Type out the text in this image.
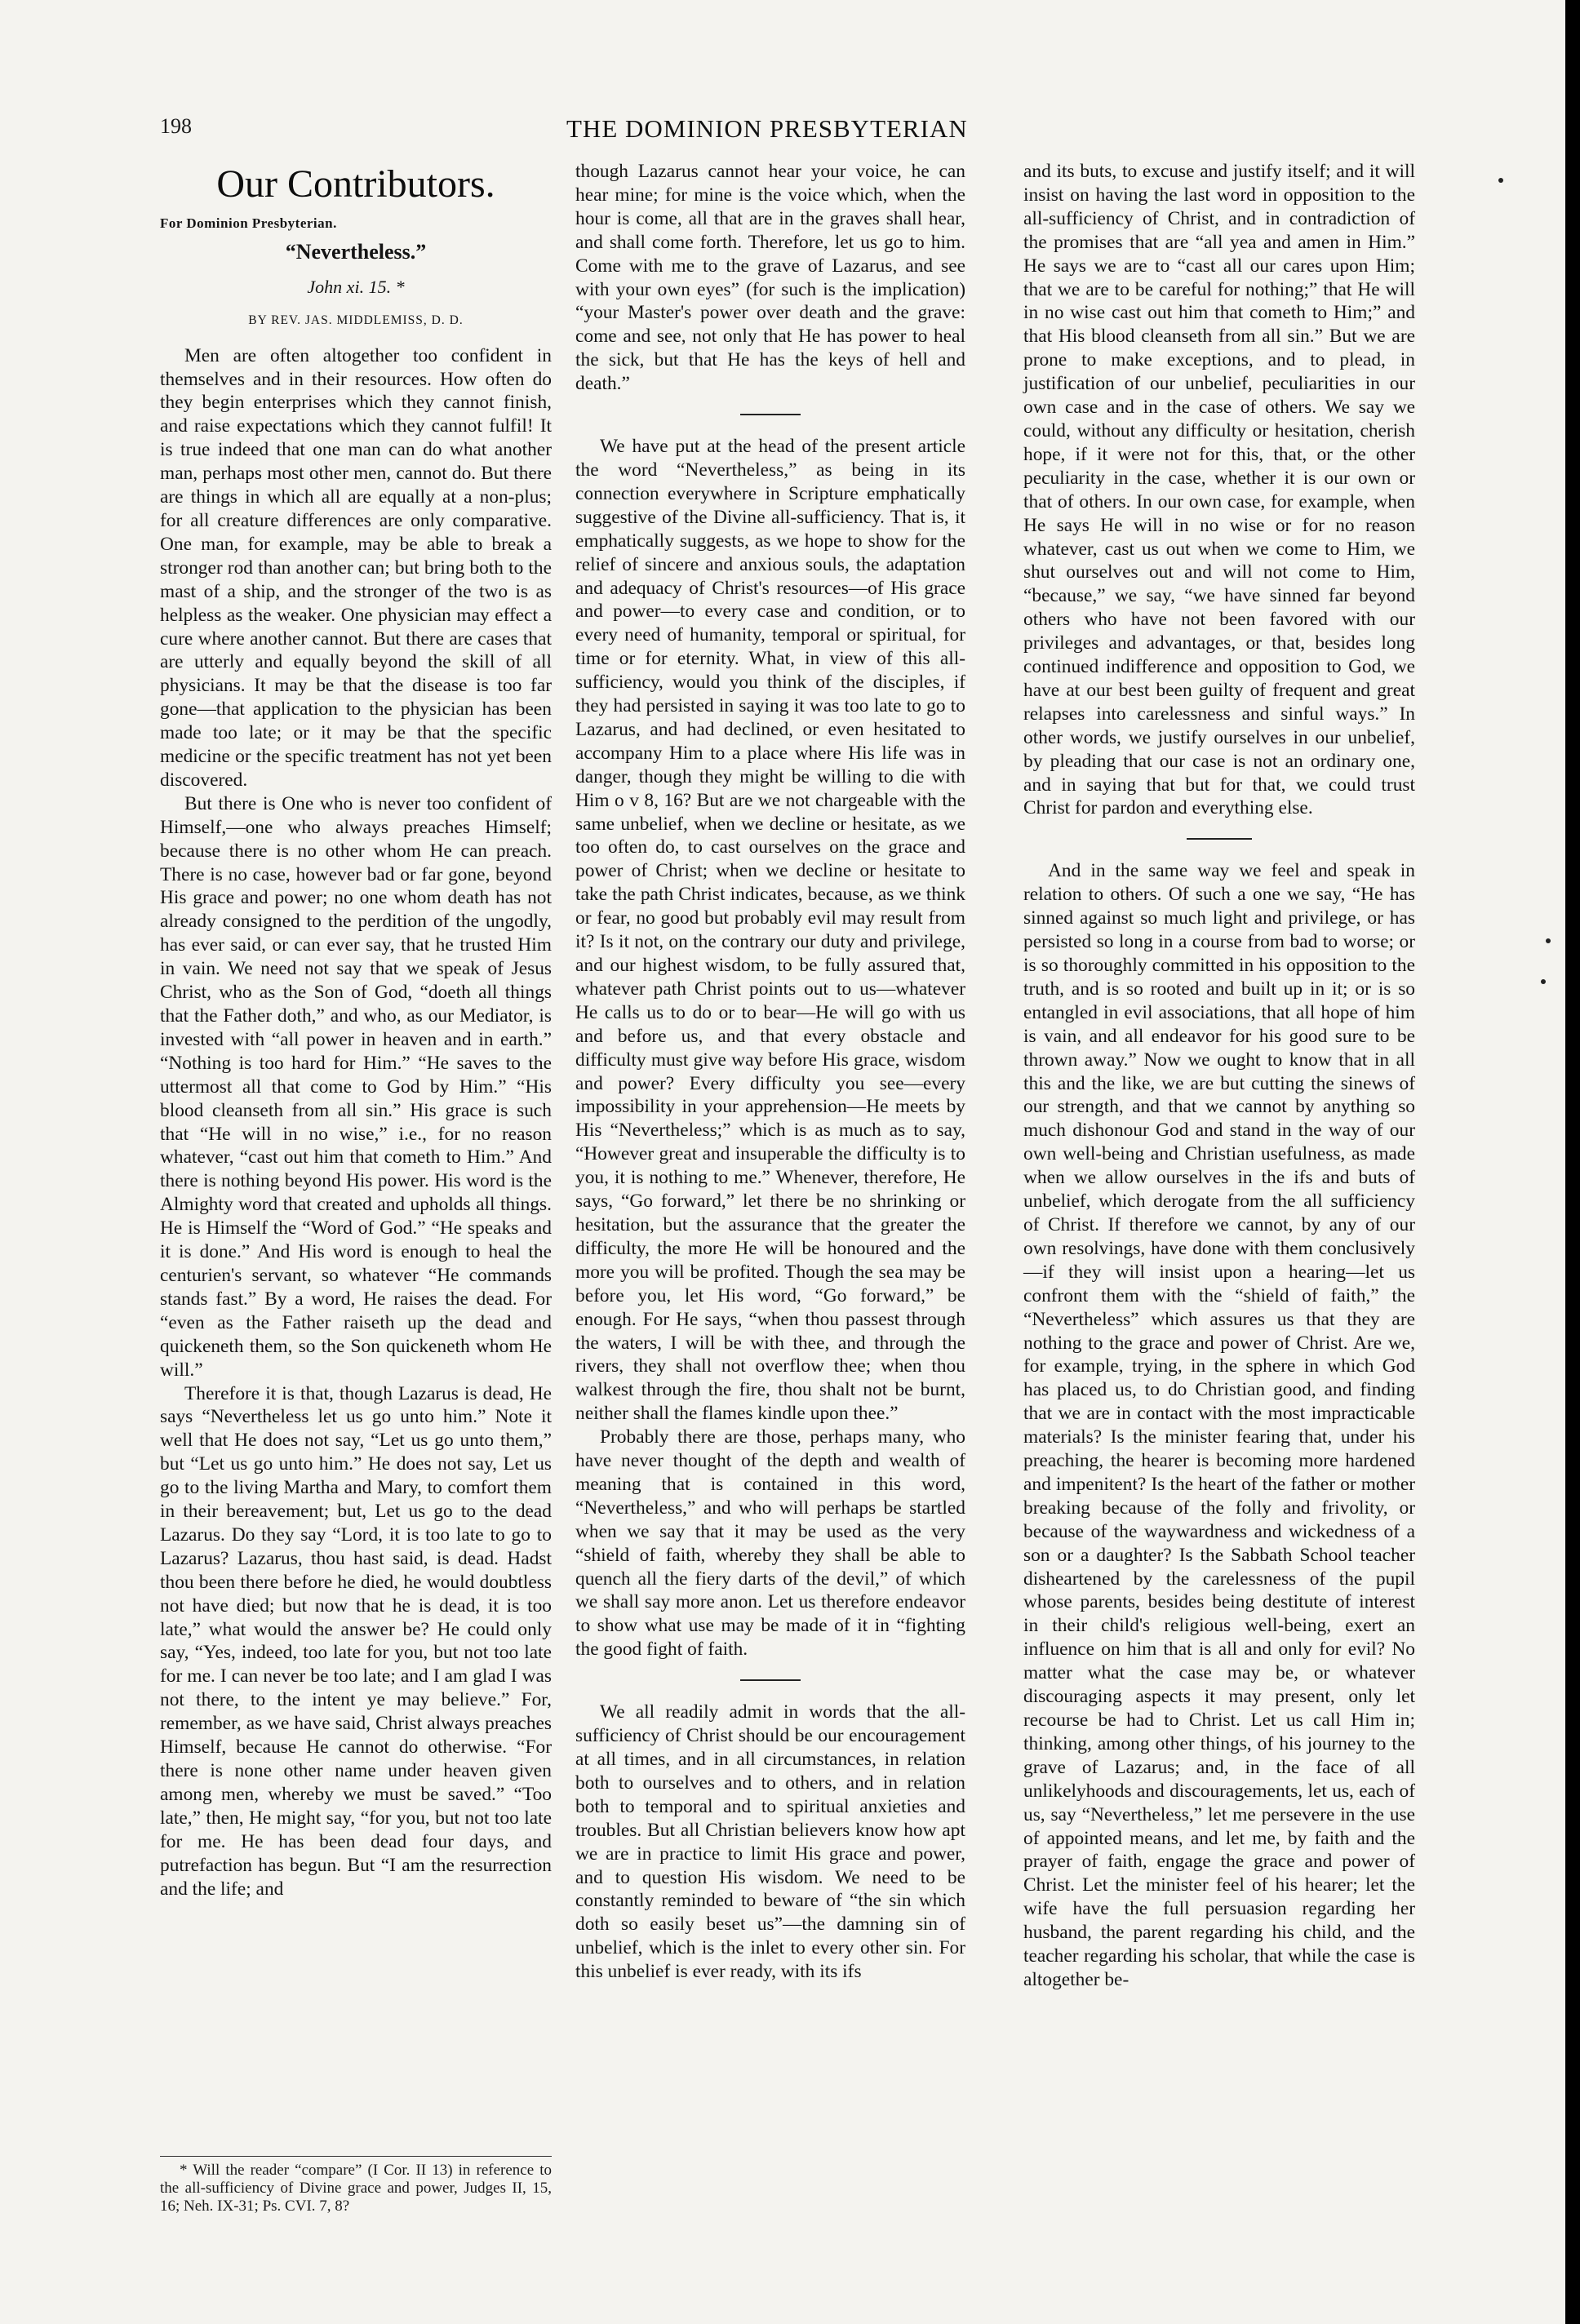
198	THE DOMINION PRESBYTERIAN
Our Contributors.
For Dominion Presbyterian.
“Nevertheless.”
John xi. 15. *
BY REV. JAS. MIDDLEMISS, D. D.

Men are often altogether too confident in themselves and in their resources. How often do they begin enterprises which they cannot finish, and raise expectations which they cannot fulfil! It is true indeed that one man can do what another man, perhaps most other men, cannot do. But there are things in which all are equally at a non-plus; for all creature differences are only comparative. One man, for example, may be able to break a stronger rod than another can; but bring both to the mast of a ship, and the stronger of the two is as helpless as the weaker. One physician may effect a cure where another cannot. But there are cases that are utterly and equally beyond the skill of all physicians. It may be that the disease is too far gone—that application to the physician has been made too late; or it may be that the specific medicine or the specific treatment has not yet been discovered.

But there is One who is never too confident of Himself,—one who always preaches Himself; because there is no other whom He can preach. There is no case, however bad or far gone, beyond His grace and power; no one whom death has not already consigned to the perdition of the ungodly, has ever said, or can ever say, that he trusted Him in vain. We need not say that we speak of Jesus Christ, who as the Son of God, “doeth all things that the Father doth,” and who, as our Mediator, is invested with “all power in heaven and in earth.” “Nothing is too hard for Him.” “He saves to the uttermost all that come to God by Him.” “His blood cleanseth from all sin.” His grace is such that “He will in no wise,” i.e., for no reason whatever, “cast out him that cometh to Him.” And there is nothing beyond His power. His word is the Almighty word that created and upholds all things. He is Himself the “Word of God.” “He speaks and it is done.” And His word is enough to heal the centurien's servant, so whatever “He commands stands fast.” By a word, He raises the dead. For “even as the Father raiseth up the dead and quickeneth them, so the Son quickeneth whom He will.”

Therefore it is that, though Lazarus is dead, He says “Nevertheless let us go unto him.” Note it well that He does not say, “Let us go unto them,” but “Let us go unto him.” He does not say, Let us go to the living Martha and Mary, to comfort them in their bereavement; but, Let us go to the dead Lazarus. Do they say “Lord, it is too late to go to Lazarus? Lazarus, thou hast said, is dead. Hadst thou been there before he died, he would doubtless not have died; but now that he is dead, it is too late,” what would the answer be? He could only say, “Yes, indeed, too late for you, but not too late for me. I can never be too late; and I am glad I was not there, to the intent ye may believe.” For, remember, as we have said, Christ always preaches Himself, because He cannot do otherwise. “For there is none other name under heaven given among men, whereby we must be saved.” “Too late,” then, He might say, “for you, but not too late for me. He has been dead four days, and putrefaction has begun. But “I am the resurrection and the life; and

* Will the reader “compare” (I Cor. II 13) in reference to the all-sufficiency of Divine grace and power, Judges II, 15, 16; Neh. IX-31; Ps. CVI. 7, 8?

though Lazarus cannot hear your voice, he can hear mine; for mine is the voice which, when the hour is come, all that are in the graves shall hear, and shall come forth. Therefore, let us go to him. Come with me to the grave of Lazarus, and see with your own eyes” (for such is the implication) “your Master's power over death and the grave: come and see, not only that He has power to heal the sick, but that He has the keys of hell and death.”

We have put at the head of the present article the word “Nevertheless,” as being in its connection everywhere in Scripture emphatically suggestive of the Divine all-sufficiency. That is, it emphatically suggests, as we hope to show for the relief of sincere and anxious souls, the adaptation and adequacy of Christ's resources—of His grace and power—to every case and condition, or to every need of humanity, temporal or spiritual, for time or for eternity. What, in view of this all-sufficiency, would you think of the disciples, if they had persisted in saying it was too late to go to Lazarus, and had declined, or even hesitated to accompany Him to a place where His life was in danger, though they might be willing to die with Him o v 8, 16? But are we not chargeable with the same unbelief, when we decline or hesitate, as we too often do, to cast ourselves on the grace and power of Christ; when we decline or hesitate to take the path Christ indicates, because, as we think or fear, no good but probably evil may result from it? Is it not, on the contrary our duty and privilege, and our highest wisdom, to be fully assured that, whatever path Christ points out to us—whatever He calls us to do or to bear—He will go with us and before us, and that every obstacle and difficulty must give way before His grace, wisdom and power? Every difficulty you see—every impossibility in your apprehension—He meets by His “Nevertheless;” which is as much as to say, “However great and insuperable the difficulty is to you, it is nothing to me.” Whenever, therefore, He says, “Go forward,” let there be no shrinking or hesitation, but the assurance that the greater the difficulty, the more He will be honoured and the more you will be profited. Though the sea may be before you, let His word, “Go forward,” be enough. For He says, “when thou passest through the waters, I will be with thee, and through the rivers, they shall not overflow thee; when thou walkest through the fire, thou shalt not be burnt, neither shall the flames kindle upon thee.”

Probably there are those, perhaps many, who have never thought of the depth and wealth of meaning that is contained in this word, “Nevertheless,” and who will perhaps be startled when we say that it may be used as the very “shield of faith, whereby they shall be able to quench all the fiery darts of the devil,” of which we shall say more anon. Let us therefore endeavor to show what use may be made of it in “fighting the good fight of faith.

We all readily admit in words that the all-sufficiency of Christ should be our encouragement at all times, and in all circumstances, in relation both to ourselves and to others, and in relation both to temporal and to spiritual anxieties and troubles. But all Christian believers know how apt we are in practice to limit His grace and power, and to question His wisdom. We need to be constantly reminded to beware of “the sin which doth so easily beset us”—the damning sin of unbelief, which is the inlet to every other sin. For this unbelief is ever ready, with its ifs

and its buts, to excuse and justify itself; and it will insist on having the last word in opposition to the all-sufficiency of Christ, and in contradiction of the promises that are “all yea and amen in Him.” He says we are to “cast all our cares upon Him; that we are to be careful for nothing;” that He will in no wise cast out him that cometh to Him;” and that His blood cleanseth from all sin.” But we are prone to make exceptions, and to plead, in justification of our unbelief, peculiarities in our own case and in the case of others. We say we could, without any difficulty or hesitation, cherish hope, if it were not for this, that, or the other peculiarity in the case, whether it is our own or that of others. In our own case, for example, when He says He will in no wise or for no reason whatever, cast us out when we come to Him, we shut ourselves out and will not come to Him, “because,” we say, “we have sinned far beyond others who have not been favored with our privileges and advantages, or that, besides long continued indifference and opposition to God, we have at our best been guilty of frequent and great relapses into carelessness and sinful ways.” In other words, we justify ourselves in our unbelief, by pleading that our case is not an ordinary one, and in saying that but for that, we could trust Christ for pardon and everything else.

And in the same way we feel and speak in relation to others. Of such a one we say, “He has sinned against so much light and privilege, or has persisted so long in a course from bad to worse; or is so thoroughly committed in his opposition to the truth, and is so rooted and built up in it; or is so entangled in evil associations, that all hope of him is vain, and all endeavor for his good sure to be thrown away.” Now we ought to know that in all this and the like, we are but cutting the sinews of our strength, and that we cannot by anything so much dishonour God and stand in the way of our own well-being and Christian usefulness, as made when we allow ourselves in the ifs and buts of unbelief, which derogate from the all sufficiency of Christ. If therefore we cannot, by any of our own resolvings, have done with them conclusively—if they will insist upon a hearing—let us confront them with the “shield of faith,” the “Nevertheless” which assures us that they are nothing to the grace and power of Christ. Are we, for example, trying, in the sphere in which God has placed us, to do Christian good, and finding that we are in contact with the most impracticable materials? Is the minister fearing that, under his preaching, the hearer is becoming more hardened and impenitent? Is the heart of the father or mother breaking because of the folly and frivolity, or because of the waywardness and wickedness of a son or a daughter? Is the Sabbath School teacher disheartened by the carelessness of the pupil whose parents, besides being destitute of interest in their child's religious well-being, exert an influence on him that is all and only for evil? No matter what the case may be, or whatever discouraging aspects it may present, only let recourse be had to Christ. Let us call Him in; thinking, among other things, of his journey to the grave of Lazarus; and, in the face of all unlikelyhoods and discouragements, let us, each of us, say “Nevertheless,” let me persevere in the use of appointed means, and let me, by faith and the prayer of faith, engage the grace and power of Christ. Let the minister feel of his hearer; let the wife have the full persuasion regarding her husband, the parent regarding his child, and the teacher regarding his scholar, that while the case is altogether be-
